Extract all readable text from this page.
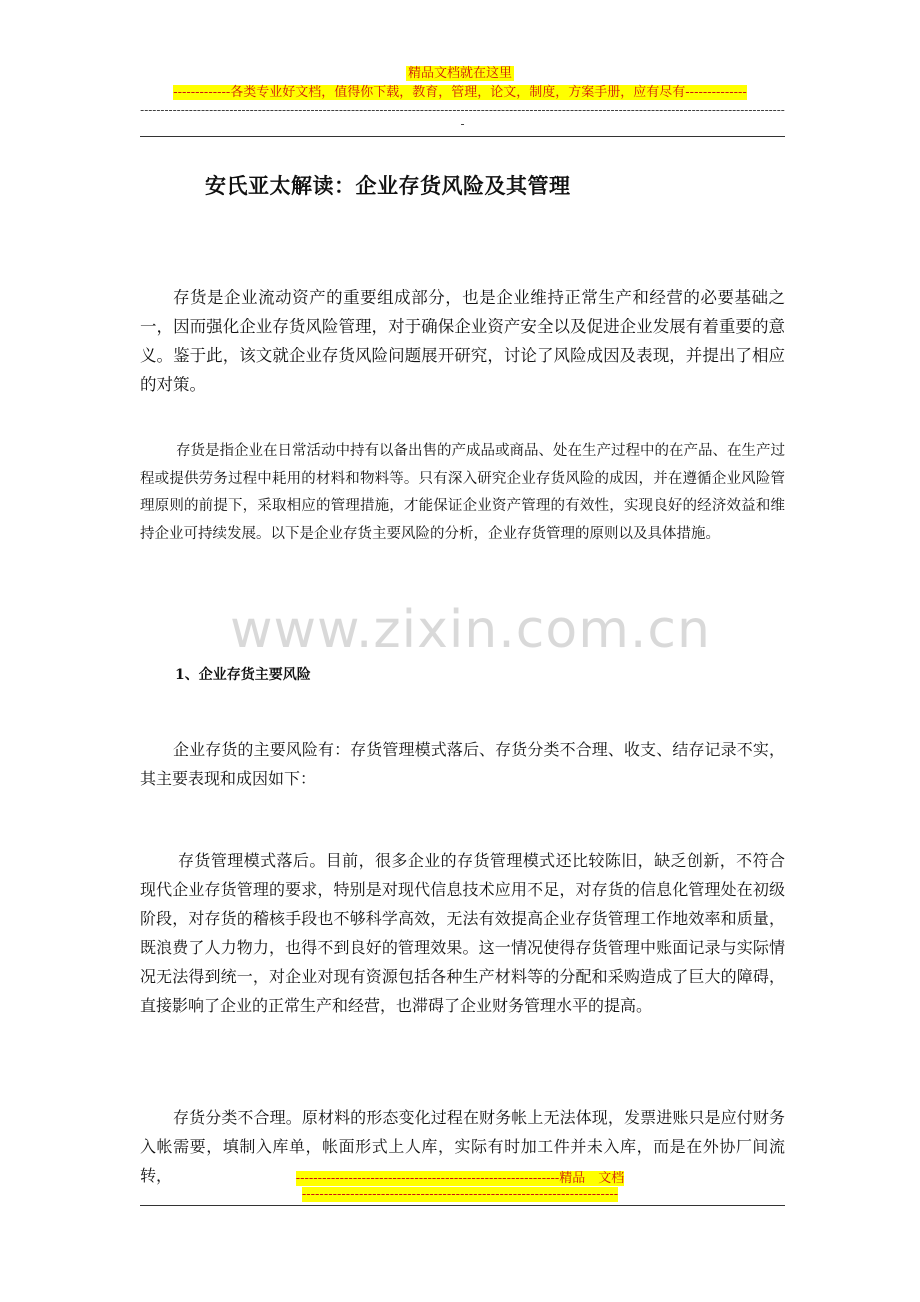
精品文档就在这里
-------------各类专业好文档，值得你下载，教育，管理，论文，制度，方案手册，应有尽有--------------
----------------------------------------------------------------------------------------------------------------------------------------------------------------
安氏亚太解读：企业存货风险及其管理
存货是企业流动资产的重要组成部分，也是企业维持正常生产和经营的必要基础之一，因而强化企业存货风险管理，对于确保企业资产安全以及促进企业发展有着重要的意义。鉴于此，该文就企业存货风险问题展开研究，讨论了风险成因及表现，并提出了相应的对策。
存货是指企业在日常活动中持有以备出售的产成品或商品、处在生产过程中的在产品、在生产过程或提供劳务过程中耗用的材料和物料等。只有深入研究企业存货风险的成因，并在遵循企业风险管理原则的前提下，采取相应的管理措施，才能保证企业资产管理的有效性，实现良好的经济效益和维持企业可持续发展。以下是企业存货主要风险的分析，企业存货管理的原则以及具体措施。
www.zixin.com.cn
1、企业存货主要风险
企业存货的主要风险有：存货管理模式落后、存货分类不合理、收支、结存记录不实，其主要表现和成因如下：
存货管理模式落后。目前，很多企业的存货管理模式还比较陈旧，缺乏创新，不符合现代企业存货管理的要求，特别是对现代信息技术应用不足，对存货的信息化管理处在初级阶段，对存货的稽核手段也不够科学高效，无法有效提高企业存货管理工作地效率和质量，既浪费了人力物力，也得不到良好的管理效果。这一情况使得存货管理中账面记录与实际情况无法得到统一，对企业对现有资源包括各种生产材料等的分配和采购造成了巨大的障碍，直接影响了企业的正常生产和经营，也滞碍了企业财务管理水平的提高。
存货分类不合理。原材料的形态变化过程在财务帐上无法体现，发票进账只是应付财务入帐需要，填制入库单，帐面形式上人库，实际有时加工件并未入库，而是在外协厂间流转，	------------------------------------------------------------精品　文档
------------------------------------------------------------------------
